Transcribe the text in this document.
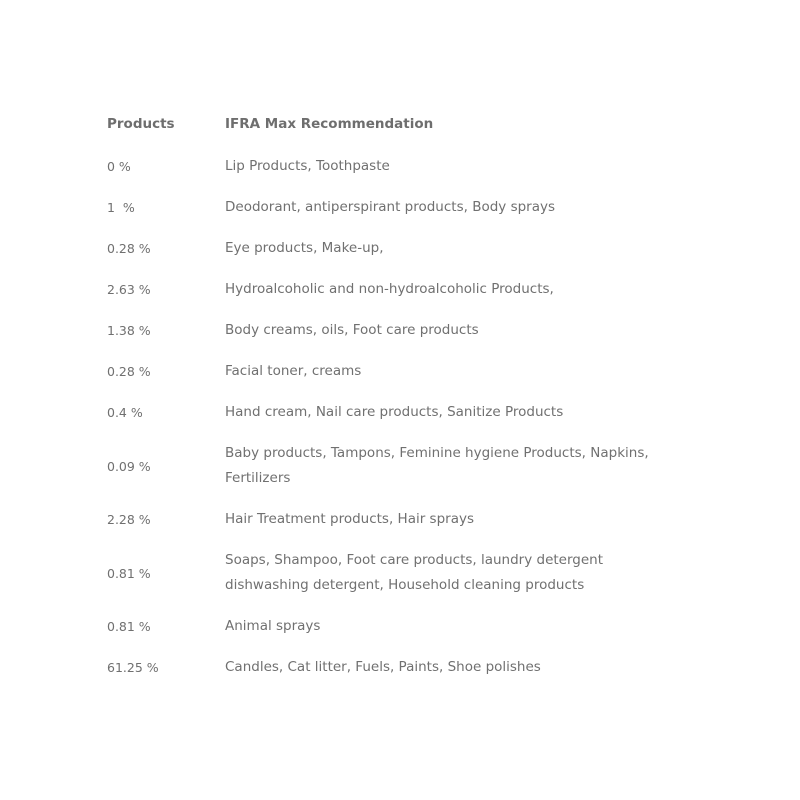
Products	IFRA Max Recommendation
0 %	Lip Products, Toothpaste
1  %	Deodorant, antiperspirant products, Body sprays
0.28 %	Eye products, Make-up,
2.63 %	Hydroalcoholic and non-hydroalcoholic Products,
1.38 %	Body creams, oils, Foot care products
0.28 %	Facial toner, creams
0.4 %	Hand cream, Nail care products, Sanitize Products
0.09 %	Baby products, Tampons, Feminine hygiene Products, Napkins, Fertilizers
2.28 %	Hair Treatment products, Hair sprays
0.81 %	Soaps, Shampoo, Foot care products, laundry detergent dishwashing detergent, Household cleaning products
0.81 %	Animal sprays
61.25 %	Candles, Cat litter, Fuels, Paints, Shoe polishes
